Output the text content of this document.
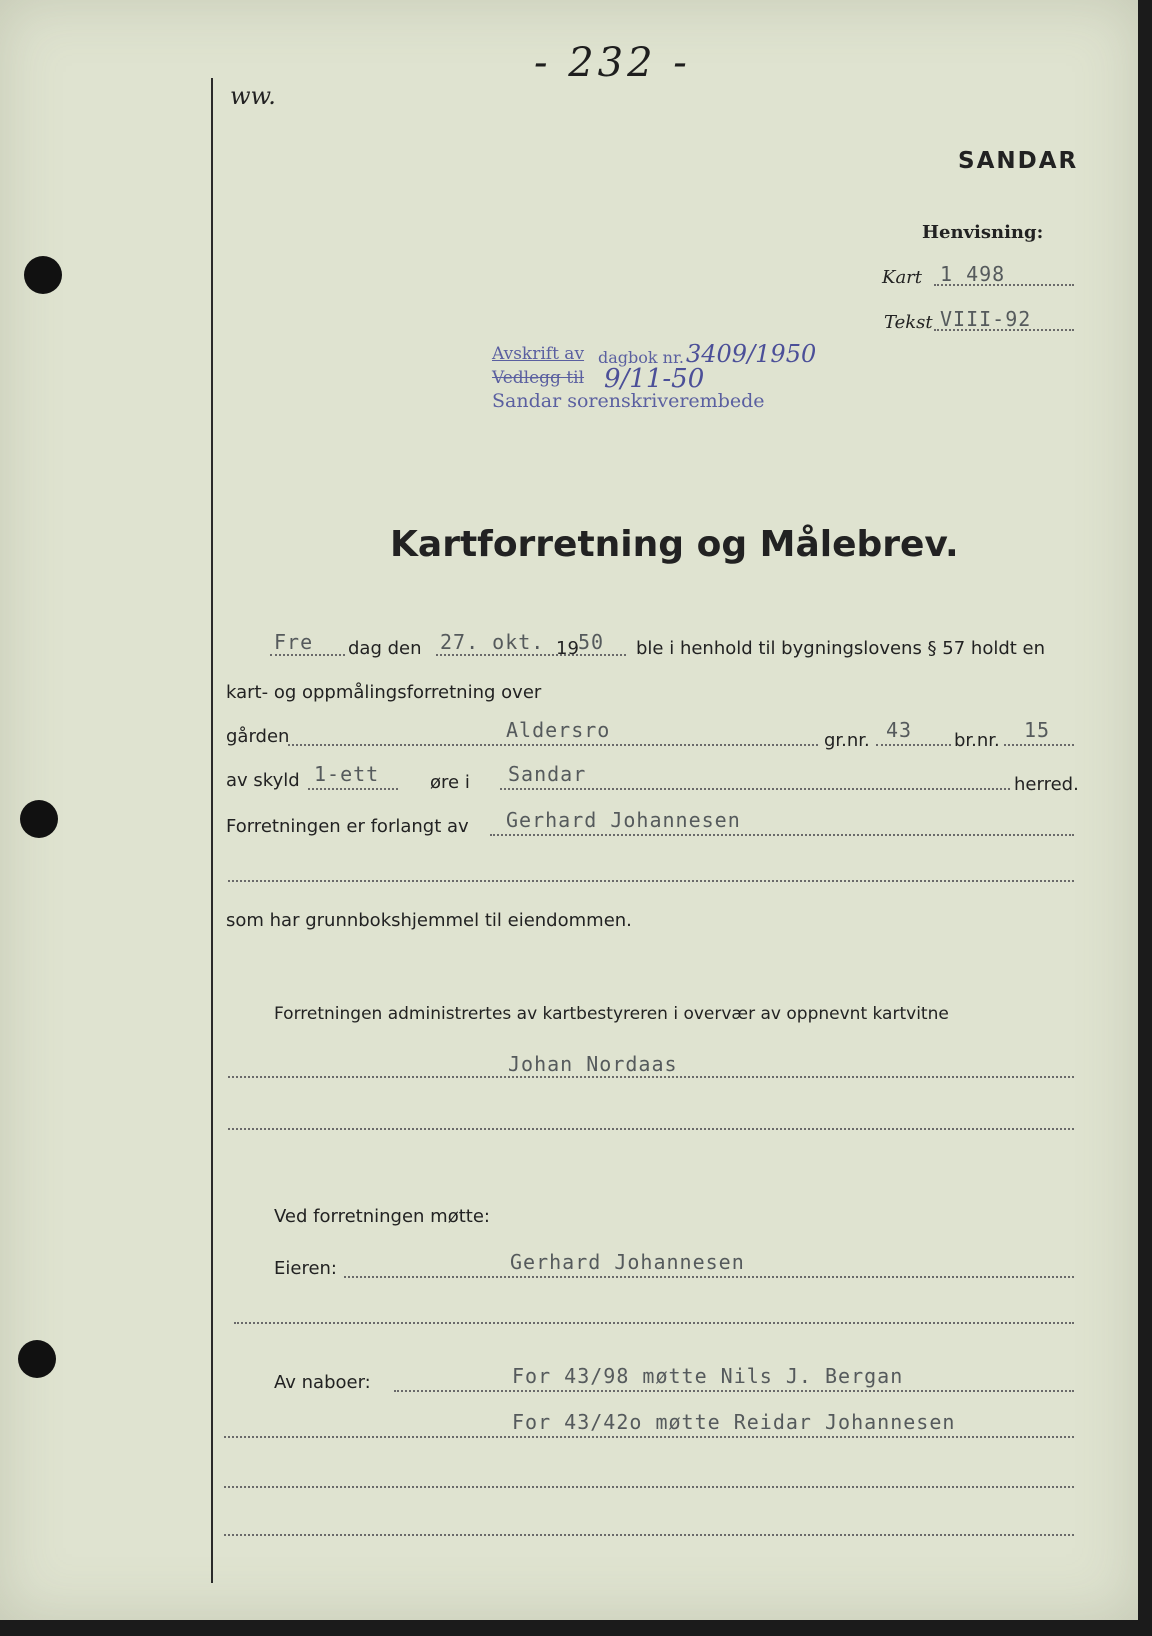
- 232 -
ww.
SANDAR
Henvisning:
Kart 1 498
Tekst VIII-92
Avskrift av dagbok nr. 3409/1950
Vedlegg til 9/11-50
Sandar sorenskriverembede
Kartforretning og Målebrev.
Fre dag den 27. okt. 19 50 ble i henhold til bygningslovens § 57 holdt en
kart- og oppmålingsforretning over
gården	Aldersro	gr.nr. 43 br.nr. 15
av skyld 1-ett	øre i Sandar	herred.
Forretningen er forlangt av Gerhard Johannesen
som har grunnbokshjemmel til eiendommen.
Forretningen administrertes av kartbestyreren i overvær av oppnevnt kartvitne
Johan Nordaas
Ved forretningen møtte:
Eieren:	Gerhard Johannesen
Av naboer:	For 43/98 møtte Nils J. Bergan
For 43/42o møtte Reidar Johannesen
